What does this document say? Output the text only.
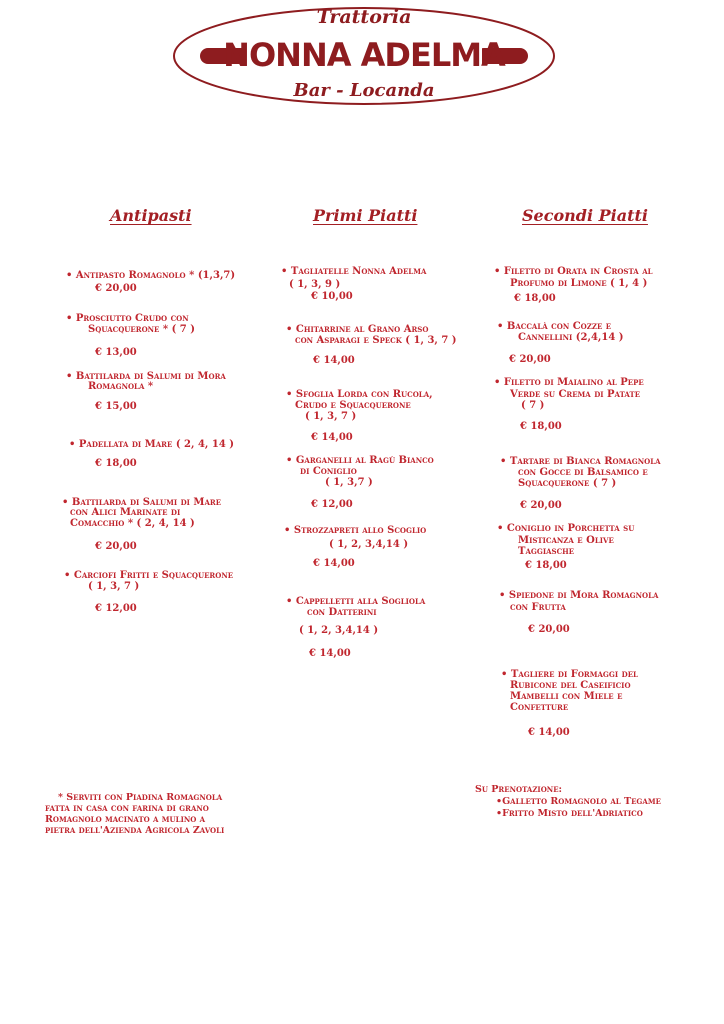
Trattoria
NONNA ADELMA
Bar - Locanda
Antipasti	Primi Piatti	Secondi Piatti
• Antipasto Romagnolo * (1,3,7)
€ 20,00
• Prosciutto Crudo con
Squacquerone * ( 7 )
€ 13,00
• Battilarda di Salumi di Mora
Romagnola *
€ 15,00
• Padellata di Mare ( 2, 4, 14 )
€ 18,00
• Battilarda di Salumi di Mare
con Alici Marinate di
Comacchio * ( 2, 4, 14 )
€ 20,00
• Carciofi Fritti e Squacquerone
( 1, 3, 7 )
€ 12,00
• Tagliatelle Nonna Adelma
( 1, 3, 9 )
€ 10,00
• Chitarrine al Grano Arso
con Asparagi e Speck ( 1, 3, 7 )
€ 14,00
• Sfoglia Lorda con Rucola,
Crudo e Squacquerone
( 1, 3, 7 )
€ 14,00
• Garganelli al Ragù Bianco
di Coniglio
( 1, 3,7 )
€ 12,00
• Strozzapreti allo Scoglio
( 1, 2, 3,4,14 )
€ 14,00
• Cappelletti alla Sogliola
con Datterini
( 1, 2, 3,4,14 )
€ 14,00
• Filetto di Orata in Crosta al
Profumo di Limone ( 1, 4 )
€ 18,00
• Baccalà con Cozze e
Cannellini (2,4,14 )
€ 20,00
• Filetto di Maialino al Pepe
Verde su Crema di Patate
( 7 )
€ 18,00
• Tartare di Bianca Romagnola
con Gocce di Balsamico e
Squacquerone ( 7 )
€ 20,00
• Coniglio in Porchetta su
Misticanza e Olive
Taggiasche
€ 18,00
• Spiedone di Mora Romagnola
con Frutta
€ 20,00
• Tagliere di Formaggi del
Rubicone del Caseificio
Mambelli con Miele e
Confetture
€ 14,00
* Serviti con Piadina Romagnola
fatta in casa con farina di grano
Romagnolo macinato a mulino a
pietra dell'Azienda Agricola Zavoli
Su Prenotazione:
•Galletto Romagnolo al Tegame
•Fritto Misto dell'Adriatico
